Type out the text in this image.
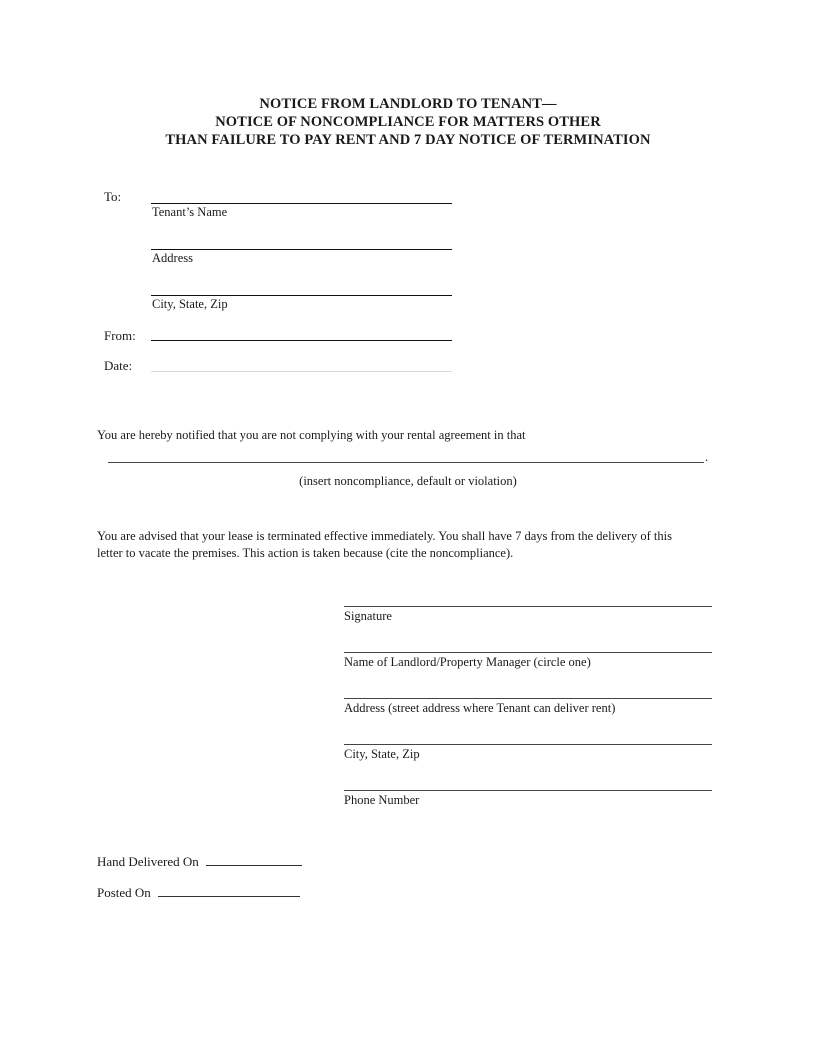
NOTICE FROM LANDLORD TO TENANT—
NOTICE OF NONCOMPLIANCE FOR MATTERS OTHER
THAN FAILURE TO PAY RENT AND 7 DAY NOTICE OF TERMINATION
To:
Tenant’s Name
Address
City, State, Zip
From:
Date:
You are hereby notified that you are not complying with your rental agreement in that
.
(insert noncompliance, default or violation)
You are advised that your lease is terminated effective immediately. You shall have 7 days from the delivery of this
letter to vacate the premises. This action is taken because (cite the noncompliance).
Signature
Name of Landlord/Property Manager (circle one)
Address (street address where Tenant can deliver rent)
City, State, Zip
Phone Number
Hand Delivered On
Posted On
